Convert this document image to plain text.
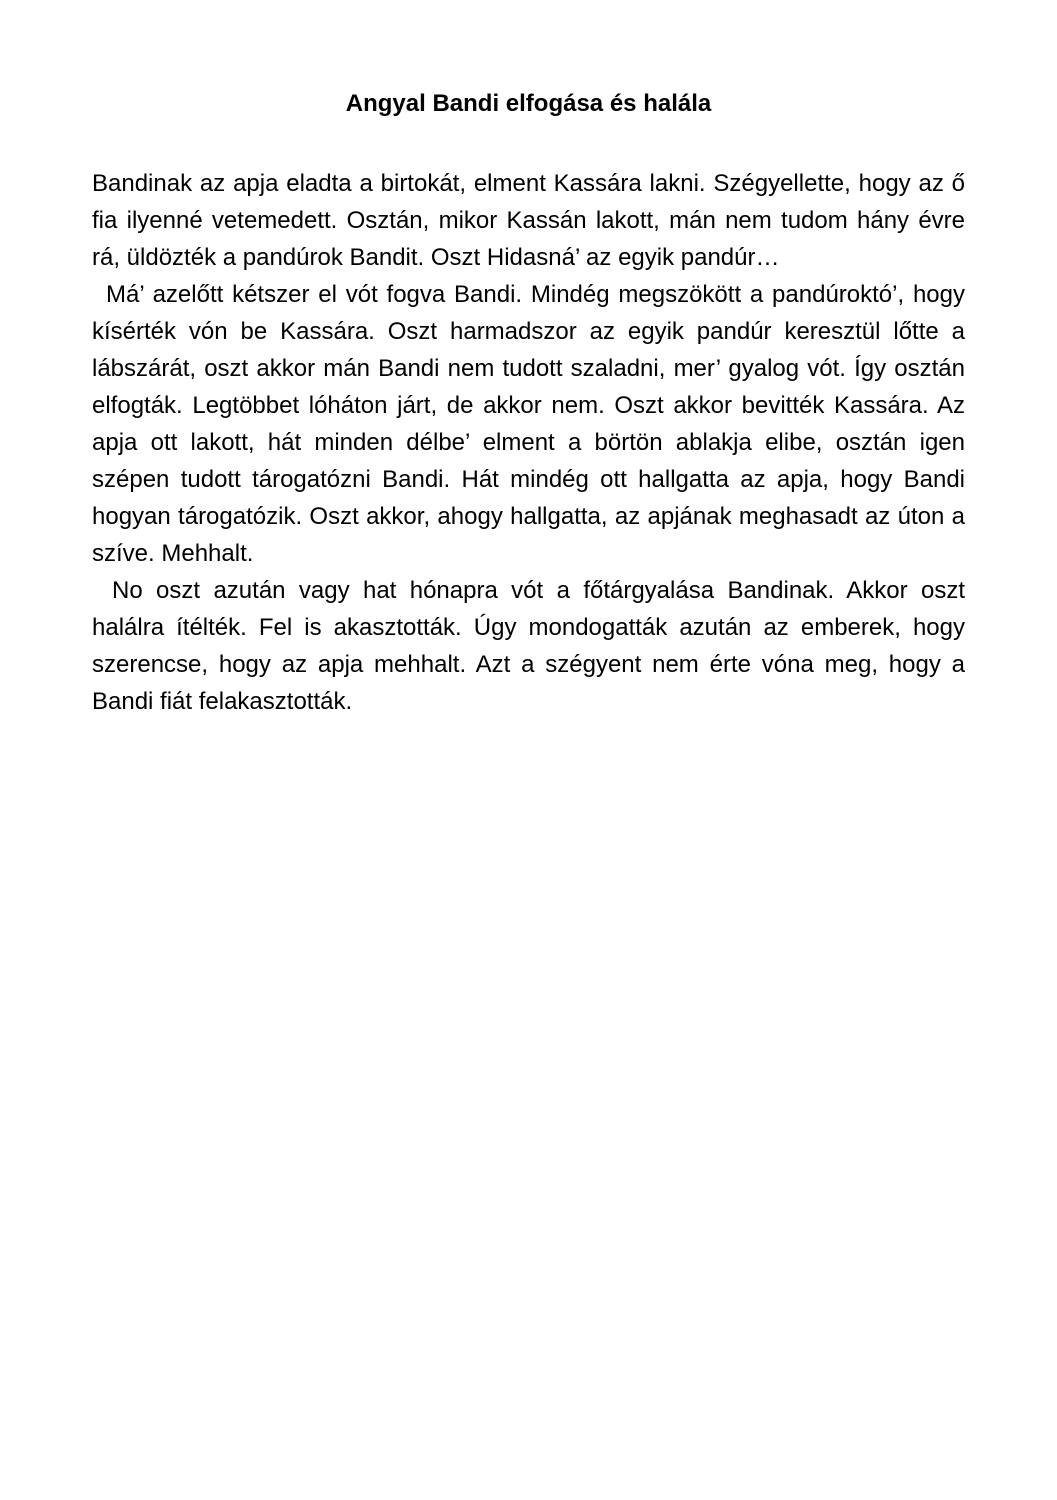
Angyal Bandi elfogása és halála

Bandinak az apja eladta a birtokát, elment Kassára lakni. Szégyellette, hogy az ő fia ilyenné vetemedett. Osztán, mikor Kassán lakott, mán nem tudom hány évre rá, üldözték a pandúrok Bandit. Oszt Hidasná’ az egyik pandúr…

Má’ azelőtt kétszer el vót fogva Bandi. Mindég megszökött a pandúroktó’, hogy kísérték vón be Kassára. Oszt harmadszor az egyik pandúr keresztül lőtte a lábszárát, oszt akkor mán Bandi nem tudott szaladni, mer’ gyalog vót. Így osztán elfogták. Legtöbbet lóháton járt, de akkor nem. Oszt akkor bevitték Kassára. Az apja ott lakott, hát minden délbe’ elment a börtön ablakja elibe, osztán igen szépen tudott tárogatózni Bandi. Hát mindég ott hallgatta az apja, hogy Bandi hogyan tárogatózik. Oszt akkor, ahogy hallgatta, az apjának meghasadt az úton a szíve. Mehhalt.

No oszt azután vagy hat hónapra vót a főtárgyalása Bandinak. Akkor oszt halálra ítélték. Fel is akasztották. Úgy mondogatták azután az emberek, hogy szerencse, hogy az apja mehhalt. Azt a szégyent nem érte vóna meg, hogy a Bandi fiát felakasztották.
